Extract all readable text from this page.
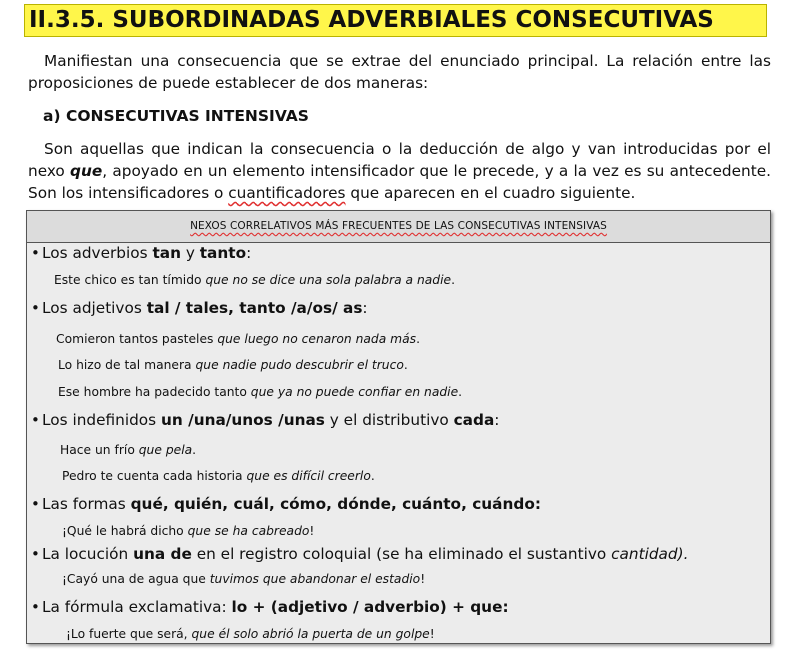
II.3.5. SUBORDINADAS ADVERBIALES CONSECUTIVAS
Manifiestan una consecuencia que se extrae del enunciado principal. La relación entre las proposiciones de puede establecer de dos maneras:
a) CONSECUTIVAS INTENSIVAS
Son aquellas que indican la consecuencia o la deducción de algo y van introducidas por el nexo que, apoyado en un elemento intensificador que le precede, y a la vez es su antecedente. Son los intensificadores o cuantificadores que aparecen en el cuadro siguiente.
NEXOS CORRELATIVOS MÁS FRECUENTES DE LAS CONSECUTIVAS INTENSIVAS
• Los adverbios tan y tanto:
Este chico es tan tímido que no se dice una sola palabra a nadie.
• Los adjetivos tal / tales, tanto /a/os/ as:
Comieron tantos pasteles que luego no cenaron nada más.
Lo hizo de tal manera que nadie pudo descubrir el truco.
Ese hombre ha padecido tanto que ya no puede confiar en nadie.
• Los indefinidos un /una/unos /unas y el distributivo cada:
Hace un frío que pela.
Pedro te cuenta cada historia que es difícil creerlo.
• Las formas qué, quién, cuál, cómo, dónde, cuánto, cuándo:
¡Qué le habrá dicho que se ha cabreado!
• La locución una de en el registro coloquial (se ha eliminado el sustantivo cantidad).
¡Cayó una de agua que tuvimos que abandonar el estadio!
• La fórmula exclamativa: lo + (adjetivo / adverbio) + que:
¡Lo fuerte que será, que él solo abrió la puerta de un golpe!
